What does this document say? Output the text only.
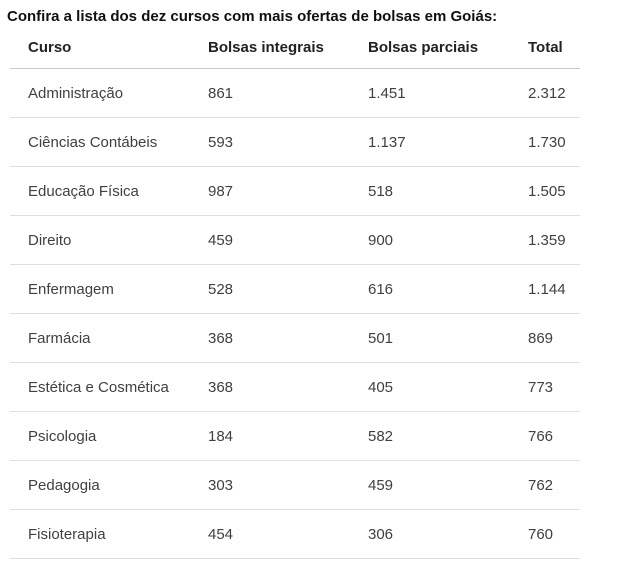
Confira a lista dos dez cursos com mais ofertas de bolsas em Goiás:
Curso	Bolsas integrais	Bolsas parciais	Total
Administração	861	1.451	2.312
Ciências Contábeis	593	1.137	1.730
Educação Física	987	518	1.505
Direito	459	900	1.359
Enfermagem	528	616	1.144
Farmácia	368	501	869
Estética e Cosmética	368	405	773
Psicologia	184	582	766
Pedagogia	303	459	762
Fisioterapia	454	306	760
